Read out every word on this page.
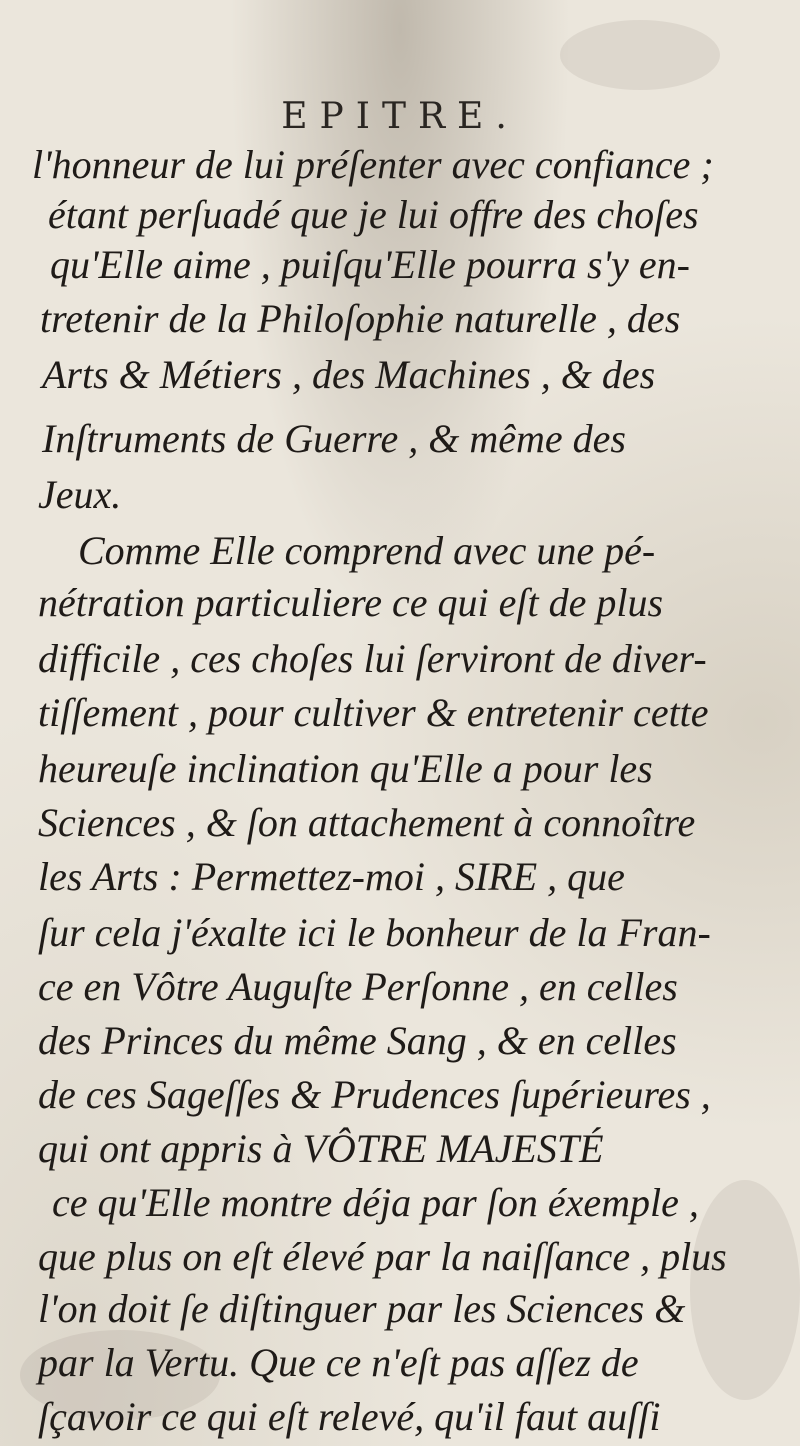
EPITRE.
l'honneur de lui préſenter avec confiance ;
étant perſuadé que je lui offre des choſes
qu'Elle aime , puiſqu'Elle pourra s'y en-
tretenir de la Philoſophie naturelle , des
Arts & Métiers , des Machines , & des
Inſtruments de Guerre , & même des
Jeux.
Comme Elle comprend avec une pé-
nétration particuliere ce qui eſt de plus
difficile , ces choſes lui ſerviront de diver-
tiſſement , pour cultiver & entretenir cette
heureuſe inclination qu'Elle a pour les
Sciences , & ſon attachement à connoître
les Arts : Permettez-moi , SIRE , que
ſur cela j'éxalte ici le bonheur de la Fran-
ce en Vôtre Auguſte Perſonne , en celles
des Princes du même Sang , & en celles
de ces Sageſſes & Prudences ſupérieures ,
qui ont appris à VÔTRE MAJESTÉ
ce qu'Elle montre déja par ſon éxemple ,
que plus on eſt élevé par la naiſſance , plus
l'on doit ſe diſtinguer par les Sciences &
par la Vertu. Que ce n'eſt pas aſſez de
ſçavoir ce qui eſt relevé, qu'il faut auſſi
